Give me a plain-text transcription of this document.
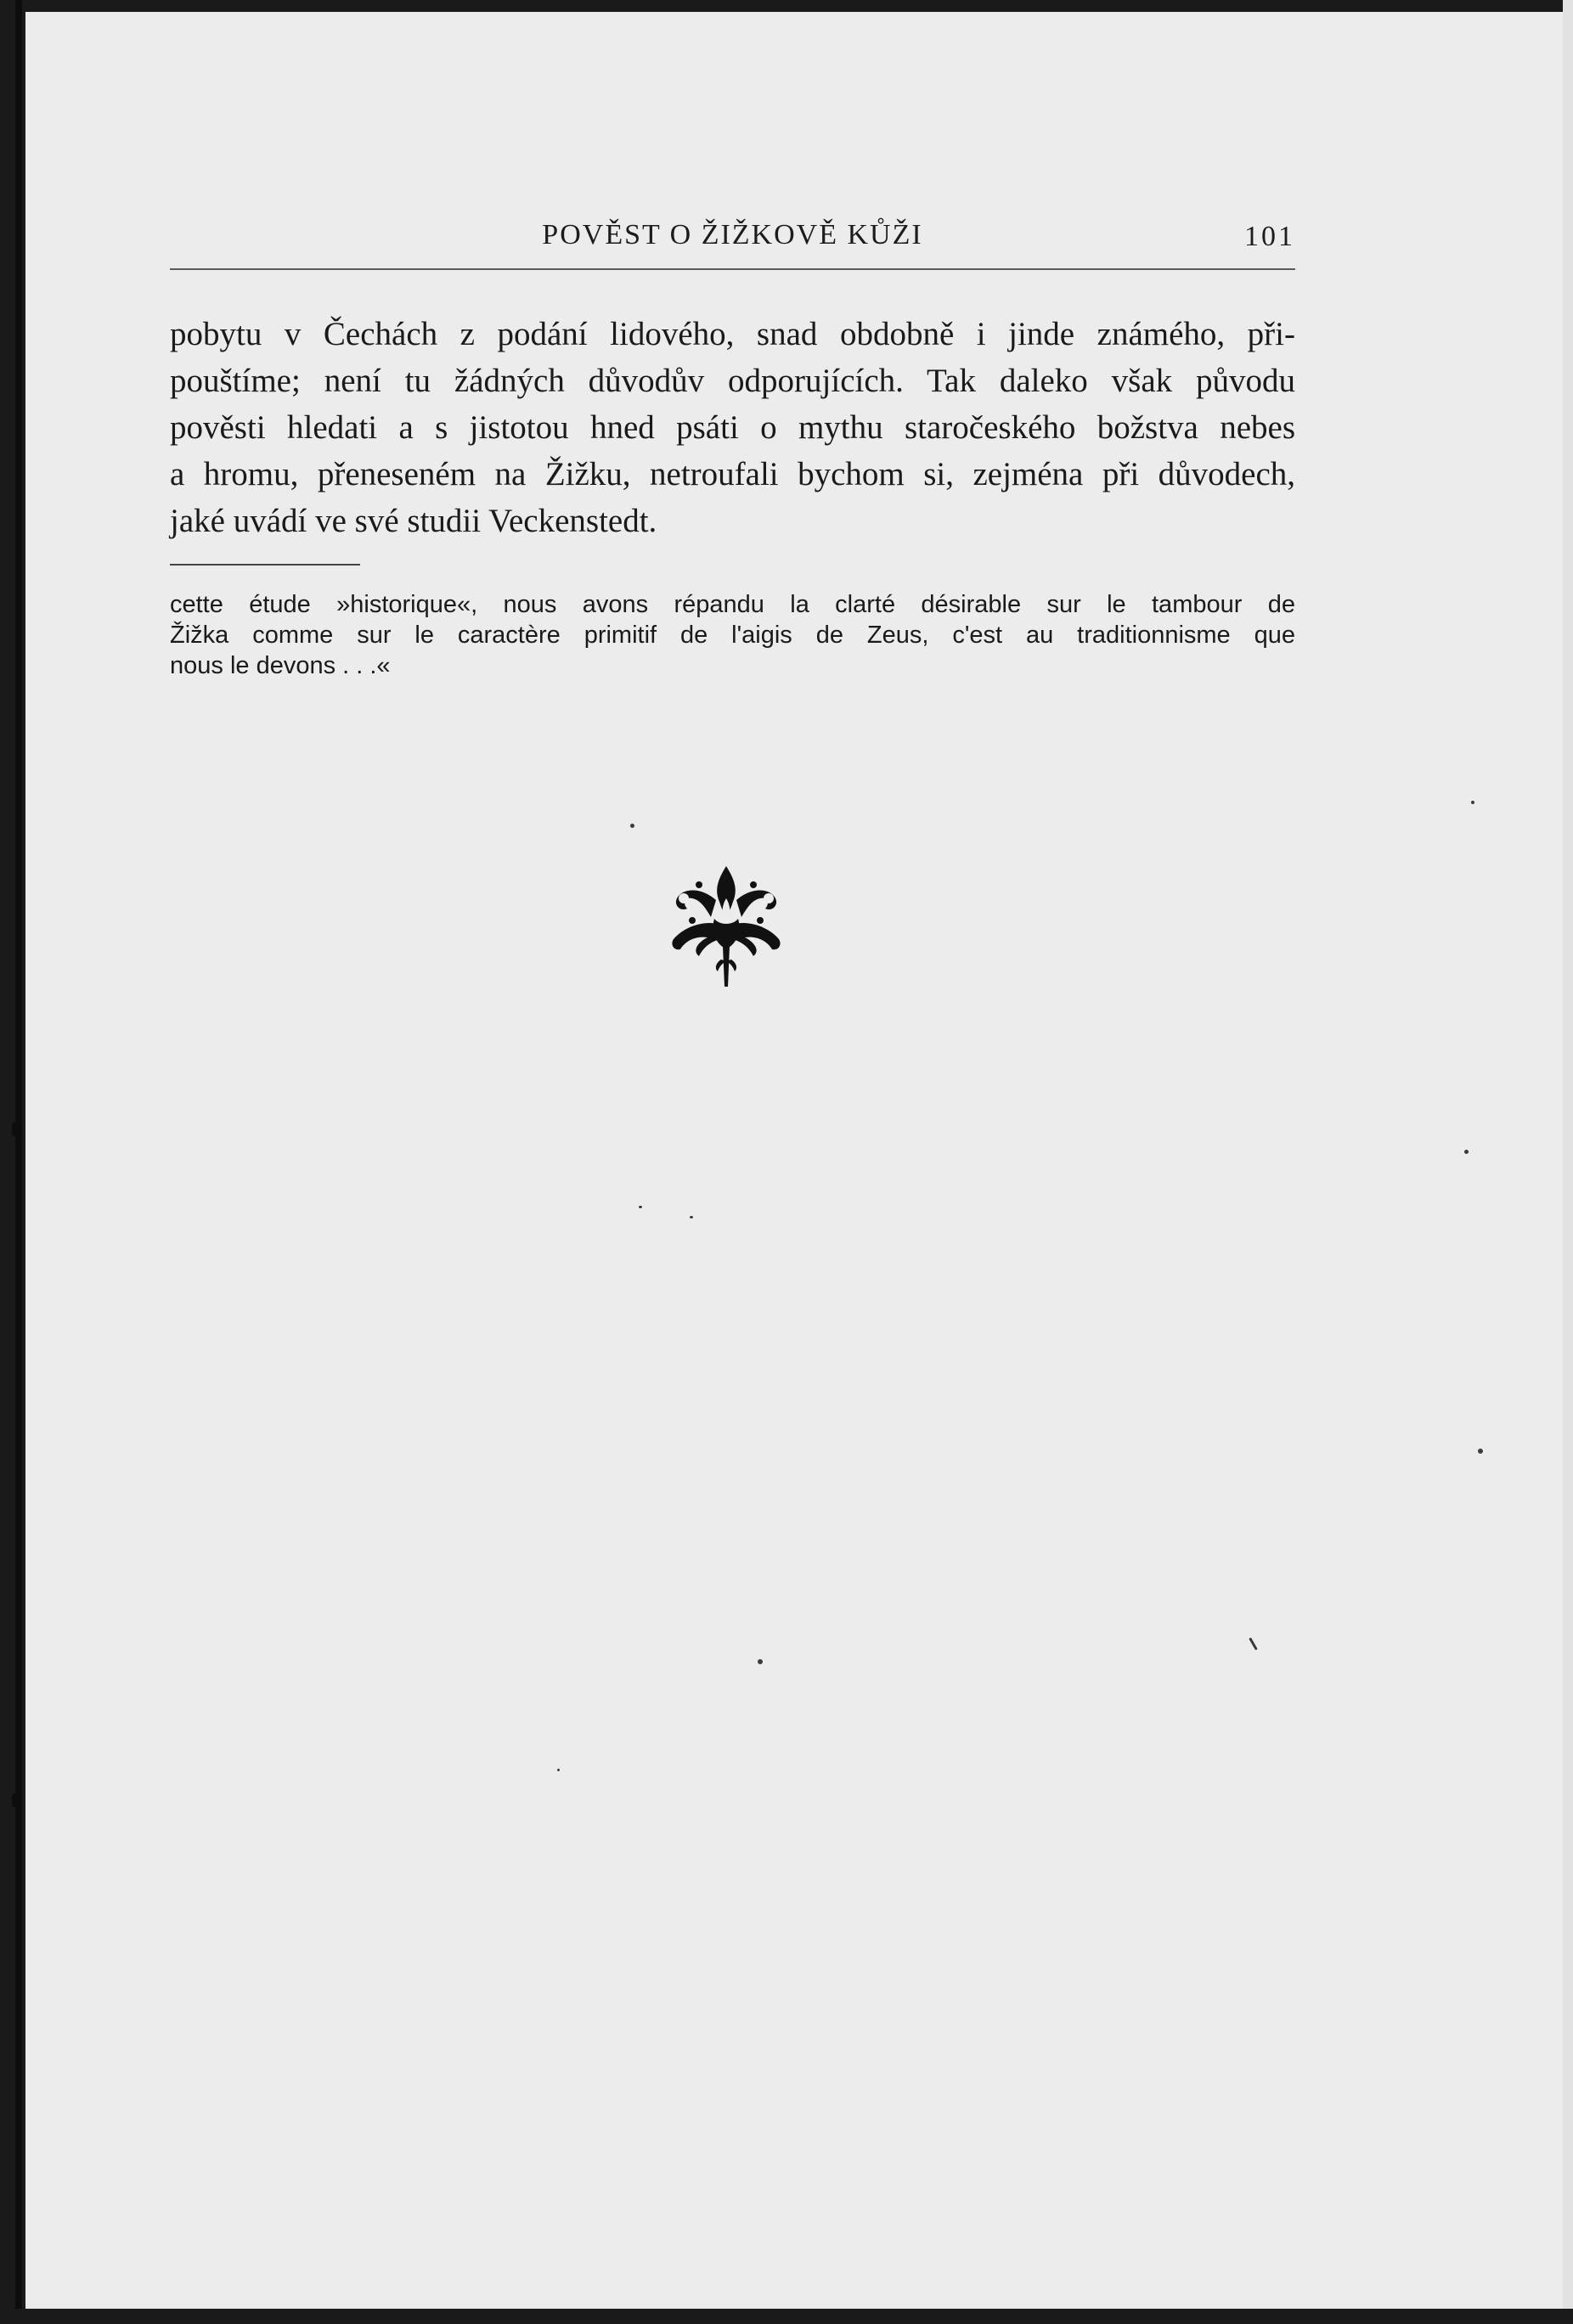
POVĚST O ŽIŽKOVĚ KŮŽI	101
pobytu v Čechách z podání lidového, snad obdobně i jinde známého, při-
pouštíme; není tu žádných důvodův odporujících. Tak daleko však původu
pověsti hledati a s jistotou hned psáti o mythu staročeského božstva nebes
a hromu, přeneseném na Žižku, netroufali bychom si, zejména při důvodech,
jaké uvádí ve své studii Veckenstedt.
cette étude »historique«, nous avons répandu la clarté désirable sur le tambour de
Žižka comme sur le caractère primitif de l'aigis de Zeus, c'est au traditionnisme que
nous le devons . . .«
